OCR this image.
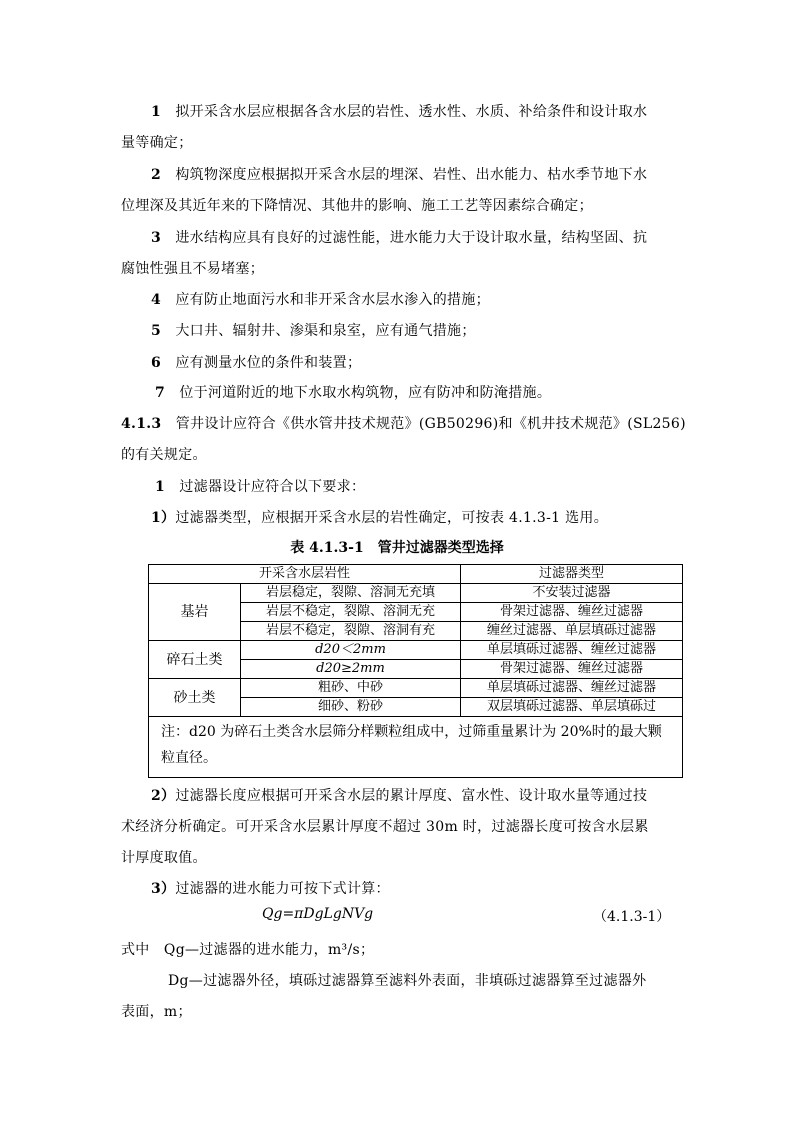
1　 拟开采含水层应根据各含水层的岩性、透水性、水质、补给条件和设计取水
量等确定；
2　 构筑物深度应根据拟开采含水层的埋深、岩性、出水能力、枯水季节地下水
位埋深及其近年来的下降情况、其他井的影响、施工工艺等因素综合确定；
3　 进水结构应具有良好的过滤性能，进水能力大于设计取水量，结构坚固、抗
腐蚀性强且不易堵塞；
4　 应有防止地面污水和非开采含水层水渗入的措施；
5　 大口井、辐射井、渗渠和泉室，应有通气措施；
6　 应有测量水位的条件和装置；
7　 位于河道附近的地下水取水构筑物，应有防冲和防淹措施。
4.1.3　 管井设计应符合《供水管井技术规范》(GB50296)和《机井技术规范》(SL256)
的有关规定。
1　 过滤器设计应符合以下要求：
1）过滤器类型，应根据开采含水层的岩性确定，可按表 4.1.3-1 选用。
表 4.1.3-1　管井过滤器类型选择
开采含水层岩性		过滤器类型
基岩	岩层稳定，裂隙、溶洞无充填	不安装过滤器
	岩层不稳定，裂隙、溶洞无充	骨架过滤器、缠丝过滤器
	岩层不稳定，裂隙、溶洞有充	缠丝过滤器、单层填砾过滤器
碎石土类	d20＜2mm	单层填砾过滤器、缠丝过滤器
	d20≥2mm	骨架过滤器、缠丝过滤器
砂土类	粗砂、中砂	单层填砾过滤器、缠丝过滤器
	细砂、粉砂	双层填砾过滤器、单层填砾过
注：d20 为碎石土类含水层筛分样颗粒组成中，过筛重量累计为 20%时的最大颗粒直径。		
2）过滤器长度应根据可开采含水层的累计厚度、富水性、设计取水量等通过技
术经济分析确定。可开采含水层累计厚度不超过 30m 时，过滤器长度可按含水层累
计厚度取值。
3）过滤器的进水能力可按下式计算：
Qg=πDgLgNVg	（4.1.3-1）
式中　 Qg—过滤器的进水能力，m³/s；
Dg—过滤器外径，填砾过滤器算至滤料外表面，非填砾过滤器算至过滤器外
表面，m；
